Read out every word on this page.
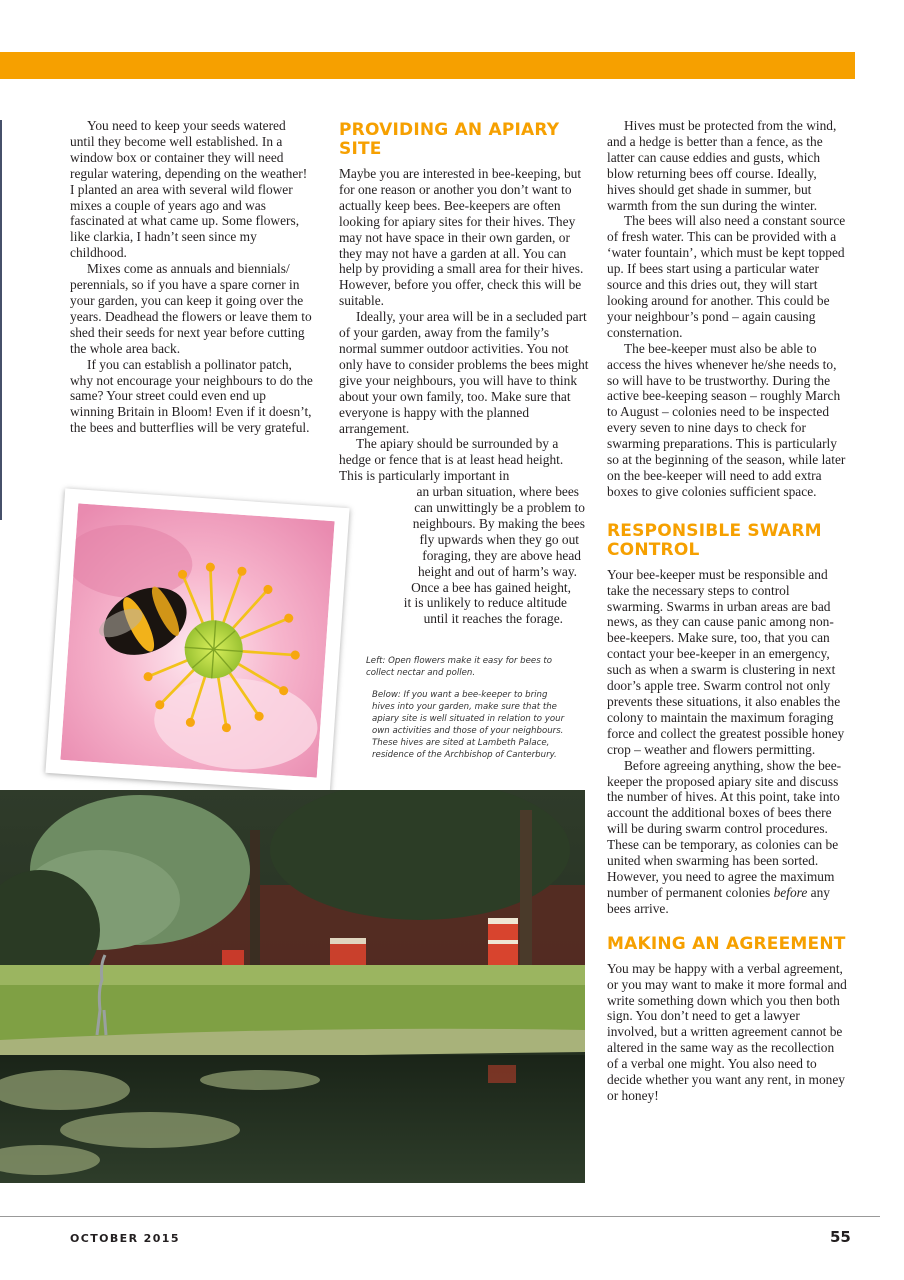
You need to keep your seeds watered until they become well established. In a window box or container they will need regular watering, depending on the weather! I planted an area with several wild flower mixes a couple of years ago and was fascinated at what came up. Some flowers, like clarkia, I hadn’t seen since my childhood.

Mixes come as annuals and biennials/ perennials, so if you have a spare corner in your garden, you can keep it going over the years. Deadhead the flowers or leave them to shed their seeds for next year before cutting the whole area back.

If you can establish a pollinator patch, why not encourage your neighbours to do the same? Your street could even end up winning Britain in Bloom! Even if it doesn’t, the bees and butterflies will be very grateful.

PROVIDING AN APIARY SITE

Maybe you are interested in bee-keeping, but for one reason or another you don’t want to actually keep bees. Bee-keepers are often looking for apiary sites for their hives. They may not have space in their own garden, or they may not have a garden at all. You can help by providing a small area for their hives. However, before you offer, check this will be suitable.

Ideally, your area will be in a secluded part of your garden, away from the family’s normal summer outdoor activities. You not only have to consider problems the bees might give your neighbours, you will have to think about your own family, too. Make sure that everyone is happy with the planned arrangement.

The apiary should be surrounded by a hedge or fence that is at least head height. This is particularly important in

an urban situation, where bees
can unwittingly be a problem to
neighbours. By making the bees
fly upwards when they go out
foraging, they are above head
height and out of harm’s way.
Once a bee has gained height,
it is unlikely to reduce altitude
until it reaches the forage.

Hives must be protected from the wind, and a hedge is better than a fence, as the latter can cause eddies and gusts, which blow returning bees off course. Ideally, hives should get shade in summer, but warmth from the sun during the winter.

The bees will also need a constant source of fresh water. This can be provided with a ‘water fountain’, which must be kept topped up. If bees start using a particular water source and this dries out, they will start looking around for another. This could be your neighbour’s pond – again causing consternation.

The bee-keeper must also be able to access the hives whenever he/she needs to, so will have to be trustworthy. During the active bee-keeping season – roughly March to August – colonies need to be inspected every seven to nine days to check for swarming preparations. This is particularly so at the beginning of the season, while later on the bee-keeper will need to add extra boxes to give colonies sufficient space.

RESPONSIBLE SWARM CONTROL

Your bee-keeper must be responsible and take the necessary steps to control swarming. Swarms in urban areas are bad news, as they can cause panic among non-bee-keepers. Make sure, too, that you can contact your bee-keeper in an emergency, such as when a swarm is clustering in next door’s apple tree. Swarm control not only prevents these situations, it also enables the colony to maintain the maximum foraging force and collect the greatest possible honey crop – weather and flowers permitting.

Before agreeing anything, show the bee-keeper the proposed apiary site and discuss the number of hives. At this point, take into account the additional boxes of bees there will be during swarm control procedures. These can be temporary, as colonies can be united when swarming has been sorted. However, you need to agree the maximum number of permanent colonies before any bees arrive.

MAKING AN AGREEMENT

You may be happy with a verbal agreement, or you may want to make it more formal and write something down which you then both sign. You don’t need to get a lawyer involved, but a written agreement cannot be altered in the same way as the recollection of a verbal one might. You also need to decide whether you want any rent, in money or honey!

Left: Open flowers make it easy for bees to collect nectar and pollen.

Below: If you want a bee-keeper to bring hives into your garden, make sure that the apiary site is well situated in relation to your own activities and those of your neighbours. These hives are sited at Lambeth Palace, residence of the Archbishop of Canterbury.

OCTOBER 2015	55
